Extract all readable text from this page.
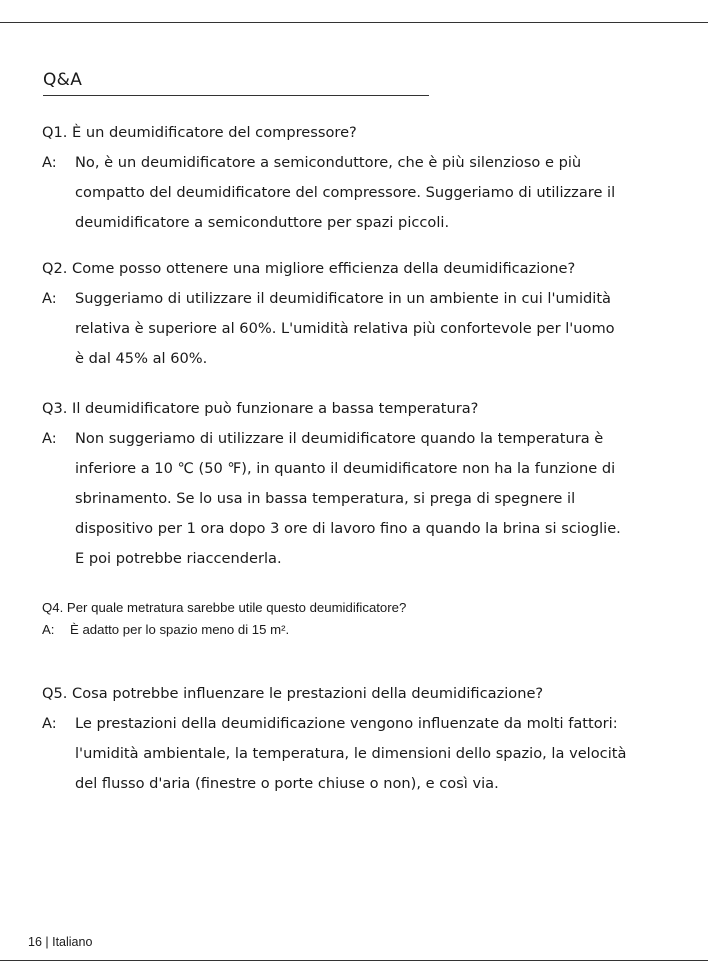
Q&A
Q1. È un deumidificatore del compressore?
A: No, è un deumidificatore a semiconduttore, che è più silenzioso e più
compatto del deumidificatore del compressore. Suggeriamo di utilizzare il
deumidificatore a semiconduttore per spazi piccoli.
Q2. Come posso ottenere una migliore efficienza della deumidificazione?
A: Suggeriamo di utilizzare il deumidificatore in un ambiente in cui l'umidità
relativa è superiore al 60%. L'umidità relativa più confortevole per l'uomo
è dal 45% al 60%.
Q3. Il deumidificatore può funzionare a bassa temperatura?
A: Non suggeriamo di utilizzare il deumidificatore quando la temperatura è
inferiore a 10 ℃ (50 ℉), in quanto il deumidificatore non ha la funzione di
sbrinamento. Se lo usa in bassa temperatura, si prega di spegnere il
dispositivo per 1 ora dopo 3 ore di lavoro fino a quando la brina si scioglie.
E poi potrebbe riaccenderla.
Q4. Per quale metratura sarebbe utile questo deumidificatore?
A: È adatto per lo spazio meno di 15 m².
Q5. Cosa potrebbe influenzare le prestazioni della deumidificazione?
A: Le prestazioni della deumidificazione vengono influenzate da molti fattori:
l'umidità ambientale, la temperatura, le dimensioni dello spazio, la velocità
del flusso d'aria (finestre o porte chiuse o non), e così via.
16 | Italiano
